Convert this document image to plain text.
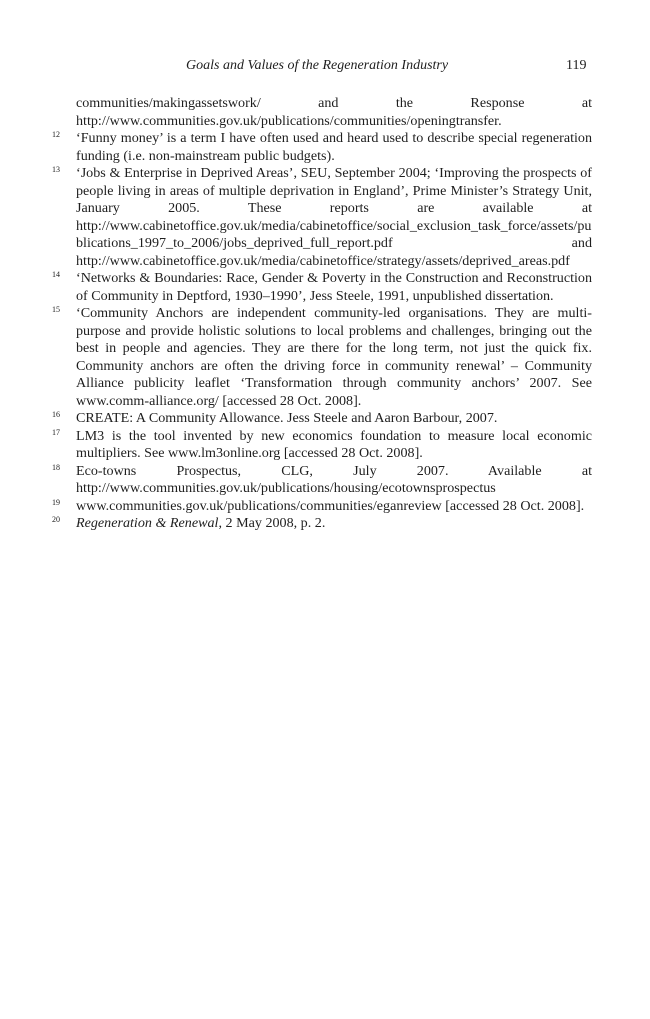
Goals and Values of the Regeneration Industry	119

communities/makingassetswork/ and the Response at http://www.communities.gov.uk/publications/communities/openingtransfer.

12 ‘Funny money’ is a term I have often used and heard used to describe special regeneration funding (i.e. non-mainstream public budgets).

13 ‘Jobs & Enterprise in Deprived Areas’, SEU, September 2004; ‘Improving the prospects of people living in areas of multiple deprivation in England’, Prime Minister’s Strategy Unit, January 2005. These reports are available at http://www.cabinetoffice.gov.uk/media/cabinetoffice/social_exclusion_task_force/assets/publications_1997_to_2006/jobs_deprived_full_report.pdf and http://www.cabinetoffice.gov.uk/media/cabinetoffice/strategy/assets/deprived_areas.pdf

14 ‘Networks & Boundaries: Race, Gender & Poverty in the Construction and Reconstruction of Community in Deptford, 1930–1990’, Jess Steele, 1991, unpublished dissertation.

15 ‘Community Anchors are independent community-led organisations. They are multi-purpose and provide holistic solutions to local problems and challenges, bringing out the best in people and agencies. They are there for the long term, not just the quick fix. Community anchors are often the driving force in community renewal’ – Community Alliance publicity leaflet ‘Transformation through community anchors’ 2007. See www.comm-alliance.org/ [accessed 28 Oct. 2008].

16 CREATE: A Community Allowance. Jess Steele and Aaron Barbour, 2007.

17 LM3 is the tool invented by new economics foundation to measure local economic multipliers. See www.lm3online.org [accessed 28 Oct. 2008].

18 Eco-towns Prospectus, CLG, July 2007. Available at http://www.communities.gov.uk/publications/housing/ecotownsprospectus

19 www.communities.gov.uk/publications/communities/eganreview [accessed 28 Oct. 2008].

20 Regeneration & Renewal, 2 May 2008, p. 2.
